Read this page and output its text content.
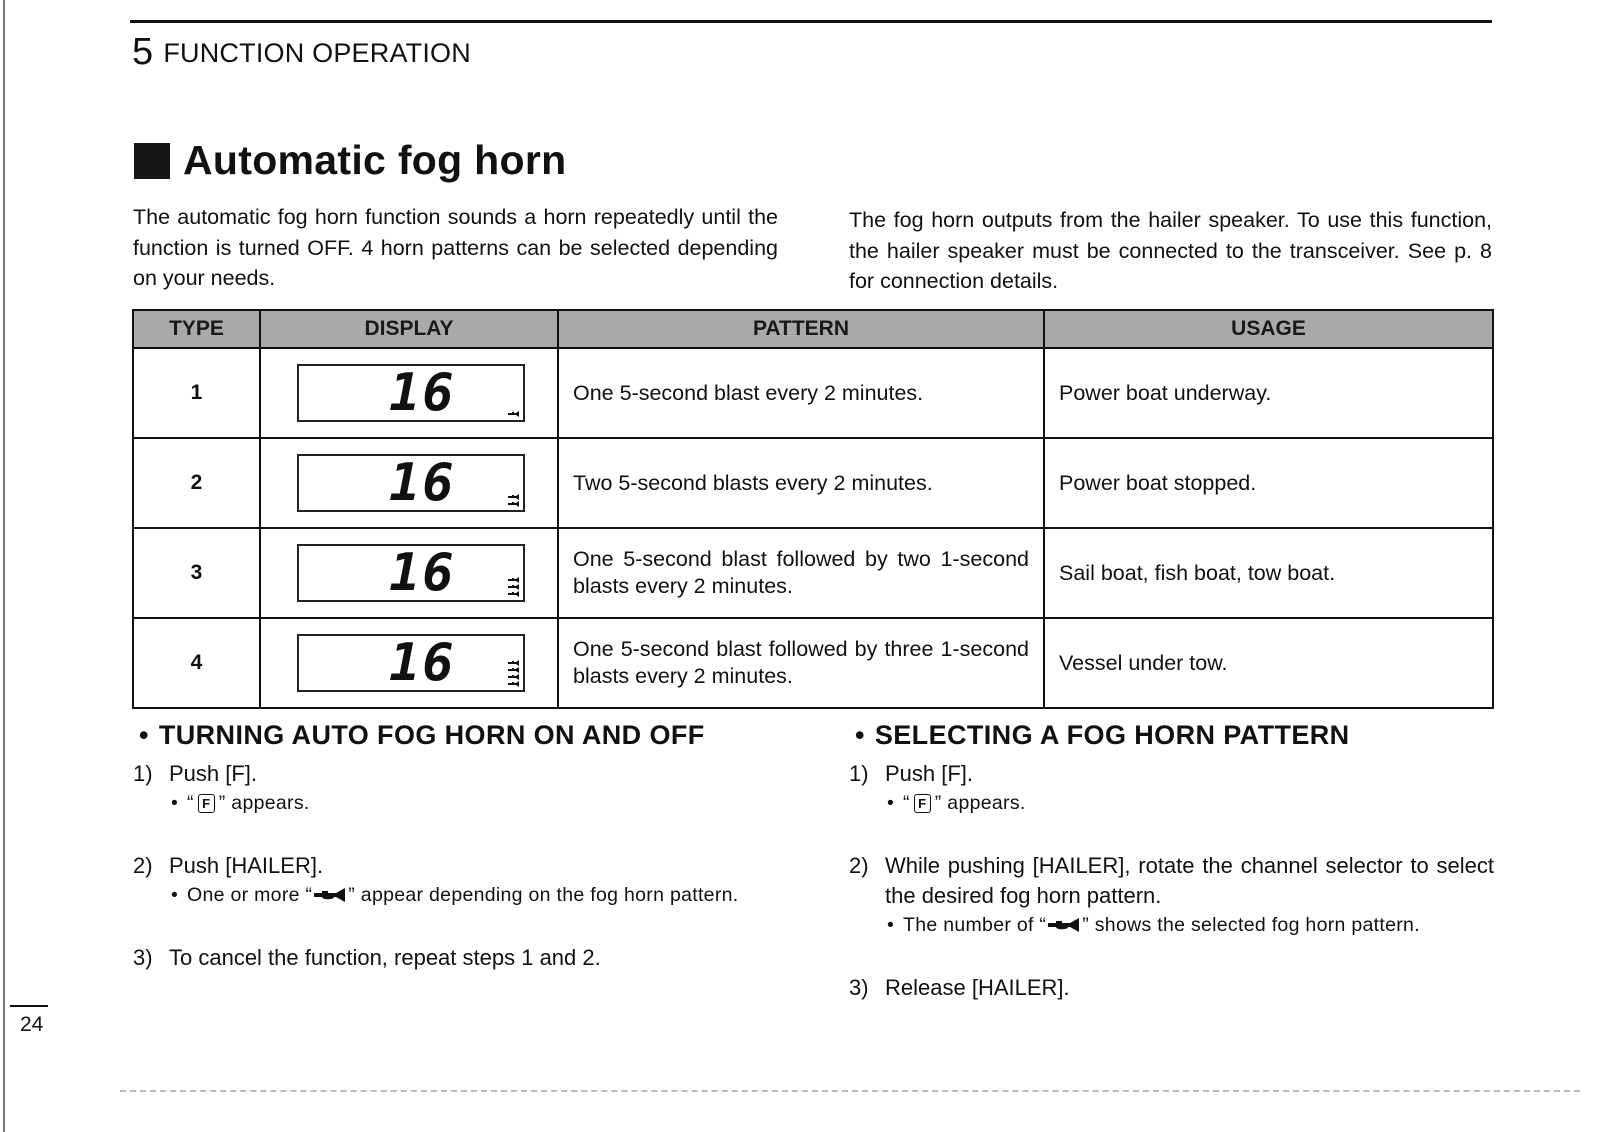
5 FUNCTION OPERATION
Automatic fog horn
The automatic fog horn function sounds a horn repeatedly until the function is turned OFF. 4 horn patterns can be selected depending on your needs.
The fog horn outputs from the hailer speaker. To use this function, the hailer speaker must be connected to the transceiver. See p. 8 for connection details.
TYPE	DISPLAY	PATTERN	USAGE
1	16	One 5-second blast every 2 minutes.	Power boat underway.
2	16	Two 5-second blasts every 2 minutes.	Power boat stopped.
3	16	One 5-second blast followed by two 1-second blasts every 2 minutes.	Sail boat, fish boat, tow boat.
4	16	One 5-second blast followed by three 1-second blasts every 2 minutes.	Vessel under tow.
• TURNING AUTO FOG HORN ON AND OFF
1) Push [F].
• “ F ” appears.
2) Push [HAILER].
• One or more “ ” appear depending on the fog horn pattern.
3) To cancel the function, repeat steps 1 and 2.
• SELECTING A FOG HORN PATTERN
1) Push [F].
• “ F ” appears.
2) While pushing [HAILER], rotate the channel selector to select the desired fog horn pattern.
• The number of “ ” shows the selected fog horn pattern.
3) Release [HAILER].
24
